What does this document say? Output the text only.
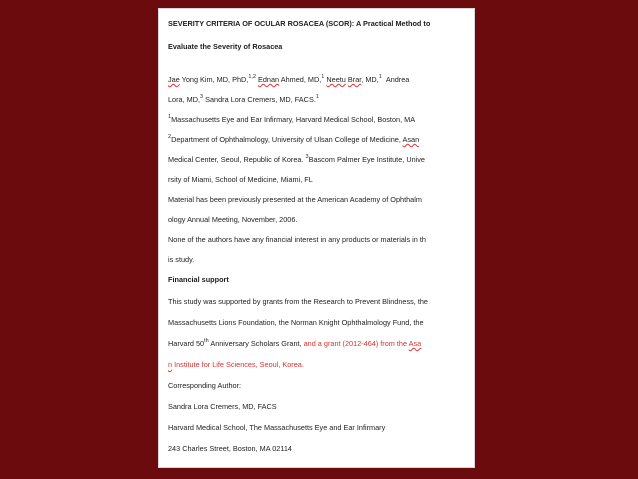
SEVERITY CRITERIA OF OCULAR ROSACEA (SCOR): A Practical Method to
Evaluate the Severity of Rosacea
Jae Yong Kim, MD, PhD,$^{1,2}$ Ednan Ahmed, MD,$^1$ Neetu Brar, MD,$^1$ Andrea
Lora, MD,$^3$ Sandra Lora Cremers, MD, FACS.$^1$
$^1$Massachusetts Eye and Ear Infirmary, Harvard Medical School, Boston, MA
$^2$Department of Ophthalmology, University of Ulsan College of Medicine, Asan
Medical Center, Seoul, Republic of Korea. $^3$Bascom Palmer Eye Institute, Unive
rsity of Miami, School of Medicine, Miami, FL
Material has been previously presented at the American Academy of Ophthalm
ology Annual Meeting, November, 2006.
None of the authors have any financial interest in any products or materials in th
is study.
Financial support
This study was supported by grants from the Research to Prevent Blindness, the
Massachusetts Lions Foundation, the Norman Knight Ophthalmology Fund, the
Harvard 50th Anniversary Scholars Grant, and a grant (2012-464) from the Asa
n Institute for Life Sciences, Seoul, Korea.
Corresponding Author:
Sandra Lora Cremers, MD, FACS
Harvard Medical School, The Massachusetts Eye and Ear Infirmary
243 Charles Street, Boston, MA 02114
